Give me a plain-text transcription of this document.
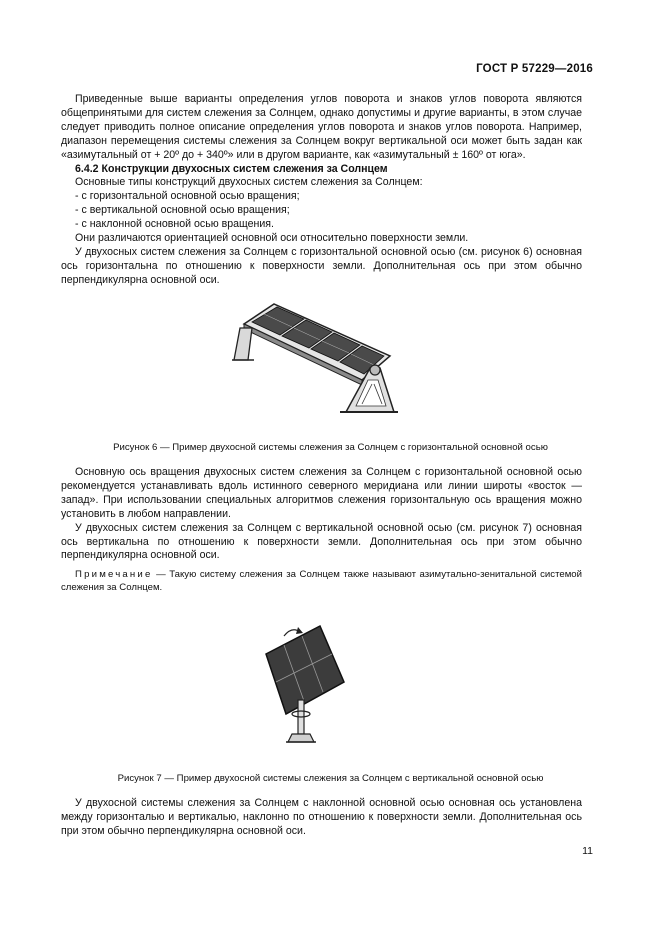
ГОСТ Р 57229—2016

Приведенные выше варианты определения углов поворота и знаков углов поворота являются общепринятыми для систем слежения за Солнцем, однако допустимы и другие варианты, в этом случае следует приводить полное описание определения углов поворота и знаков углов поворота. Например, диапазон перемещения системы слежения за Солнцем вокруг вертикальной оси может быть задан как «азимутальный от + 20º до + 340º» или в другом варианте, как «азимутальный ± 160º от юга».

6.4.2 Конструкции двухосных систем слежения за Солнцем

Основные типы конструкций двухосных систем слежения за Солнцем:

- с горизонтальной основной осью вращения;
- с вертикальной основной осью вращения;
- с наклонной основной осью вращения.

Они различаются ориентацией основной оси относительно поверхности земли.

У двухосных систем слежения за Солнцем с горизонтальной основной осью (см. рисунок 6) основная ось горизонтальна по отношению к поверхности земли. Дополнительная ось при этом обычно перпендикулярна основной оси.

Рисунок 6 — Пример двухосной системы слежения за Солнцем с горизонтальной основной осью

Основную ось вращения двухосных систем слежения за Солнцем с горизонтальной основной осью рекомендуется устанавливать вдоль истинного северного меридиана или линии широты «восток — запад». При использовании специальных алгоритмов слежения горизонтальную ось вращения можно установить в любом направлении.

У двухосных систем слежения за Солнцем с вертикальной основной осью (см. рисунок 7) основная ось вертикальна по отношению к поверхности земли. Дополнительная ось при этом обычно перпендикулярна основной оси.

Примечание — Такую систему слежения за Солнцем также называют азимутально-зенитальной системой слежения за Солнцем.

Рисунок 7 — Пример двухосной системы слежения за Солнцем с вертикальной основной осью

У двухосной системы слежения за Солнцем с наклонной основной осью основная ось установлена между горизонталью и вертикалью, наклонно по отношению к поверхности земли. Дополнительная ось при этом обычно перпендикулярна основной оси.

11
